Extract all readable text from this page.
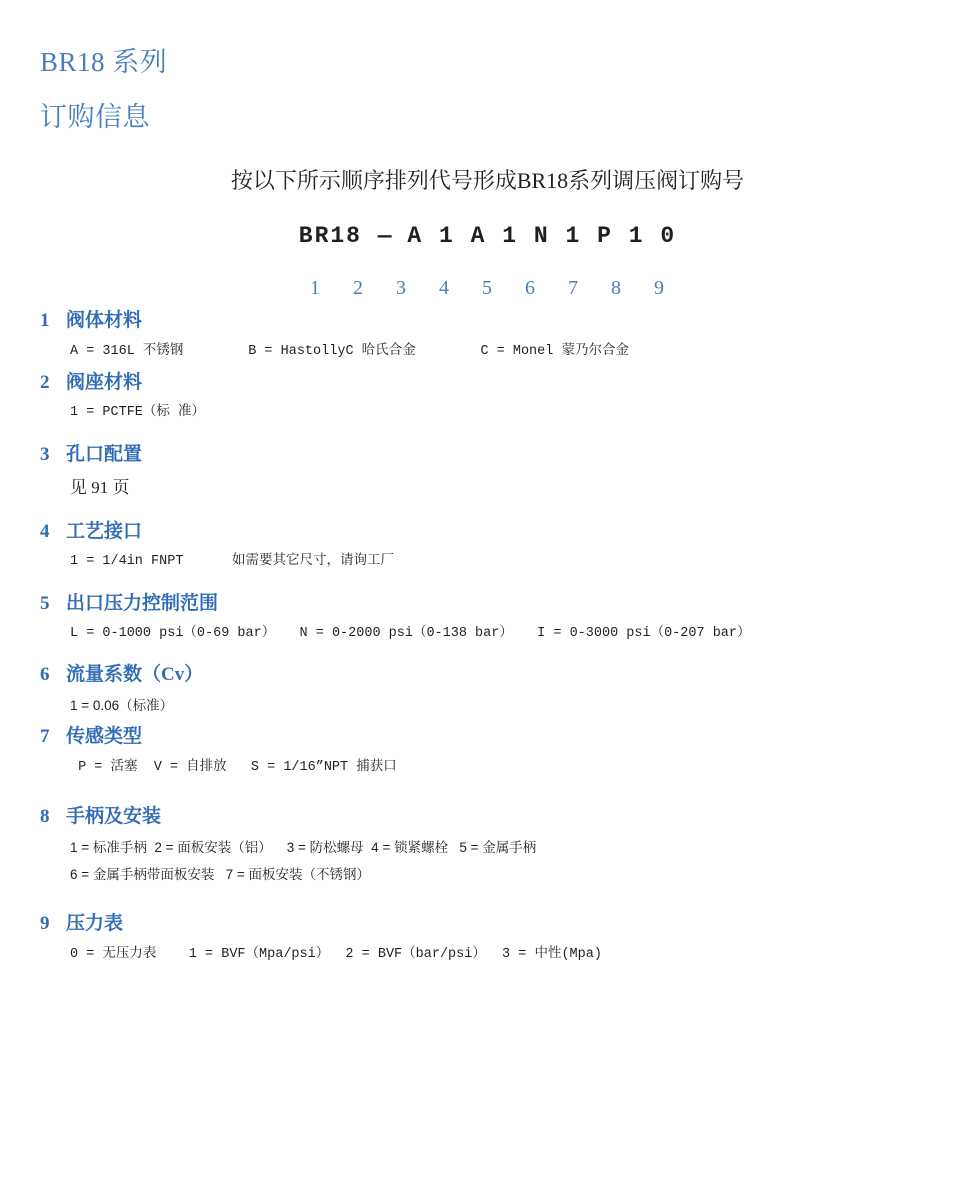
BR18 系列
订购信息
按以下所示顺序排列代号形成BR18系列调压阀订购号
BR18 — A 1 A 1 N 1 P 1 0
1 2 3 4 5 6 7 8 9
1 阀体材料
A = 316L 不锈钢        B = HastollyC 哈氏合金        C = Monel 蒙乃尔合金
2 阀座材料
1 = PCTFE（标 准）
3 孔口配置
见 91 页
4 工艺接口
1 = 1/4in FNPT      如需要其它尺寸，请询工厂
5 出口压力控制范围
L = 0-1000 psi（0‑69 bar）   N = 0-2000 psi（0-138 bar）   I = 0-3000 psi（0-207 bar）
6 流量系数（Cv）
1 = 0.06（标准）
7 传感类型
P = 活塞  V = 自排放   S = 1/16”NPT 捕获口
8 手柄及安装
1 = 标准手柄  2 = 面板安装（铝）    3 = 防松螺母  4 = 锁紧螺栓   5 = 金属手柄
6 = 金属手柄带面板安装   7 = 面板安装（不锈钢）
9 压力表
0 = 无压力表    1 = BVF（Mpa/psi）  2 = BVF（bar/psi）  3 = 中性(Mpa)
